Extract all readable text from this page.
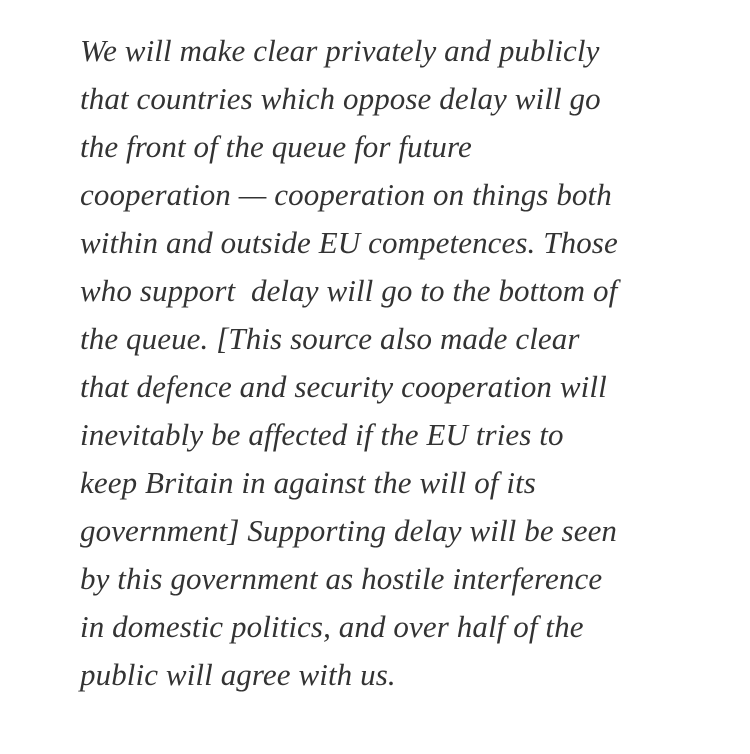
We will make clear privately and publicly
that countries which oppose delay will go
the front of the queue for future
cooperation — cooperation on things both
within and outside EU competences. Those
who support  delay will go to the bottom of
the queue. [This source also made clear
that defence and security cooperation will
inevitably be affected if the EU tries to
keep Britain in against the will of its
government] Supporting delay will be seen
by this government as hostile interference
in domestic politics, and over half of the
public will agree with us.
